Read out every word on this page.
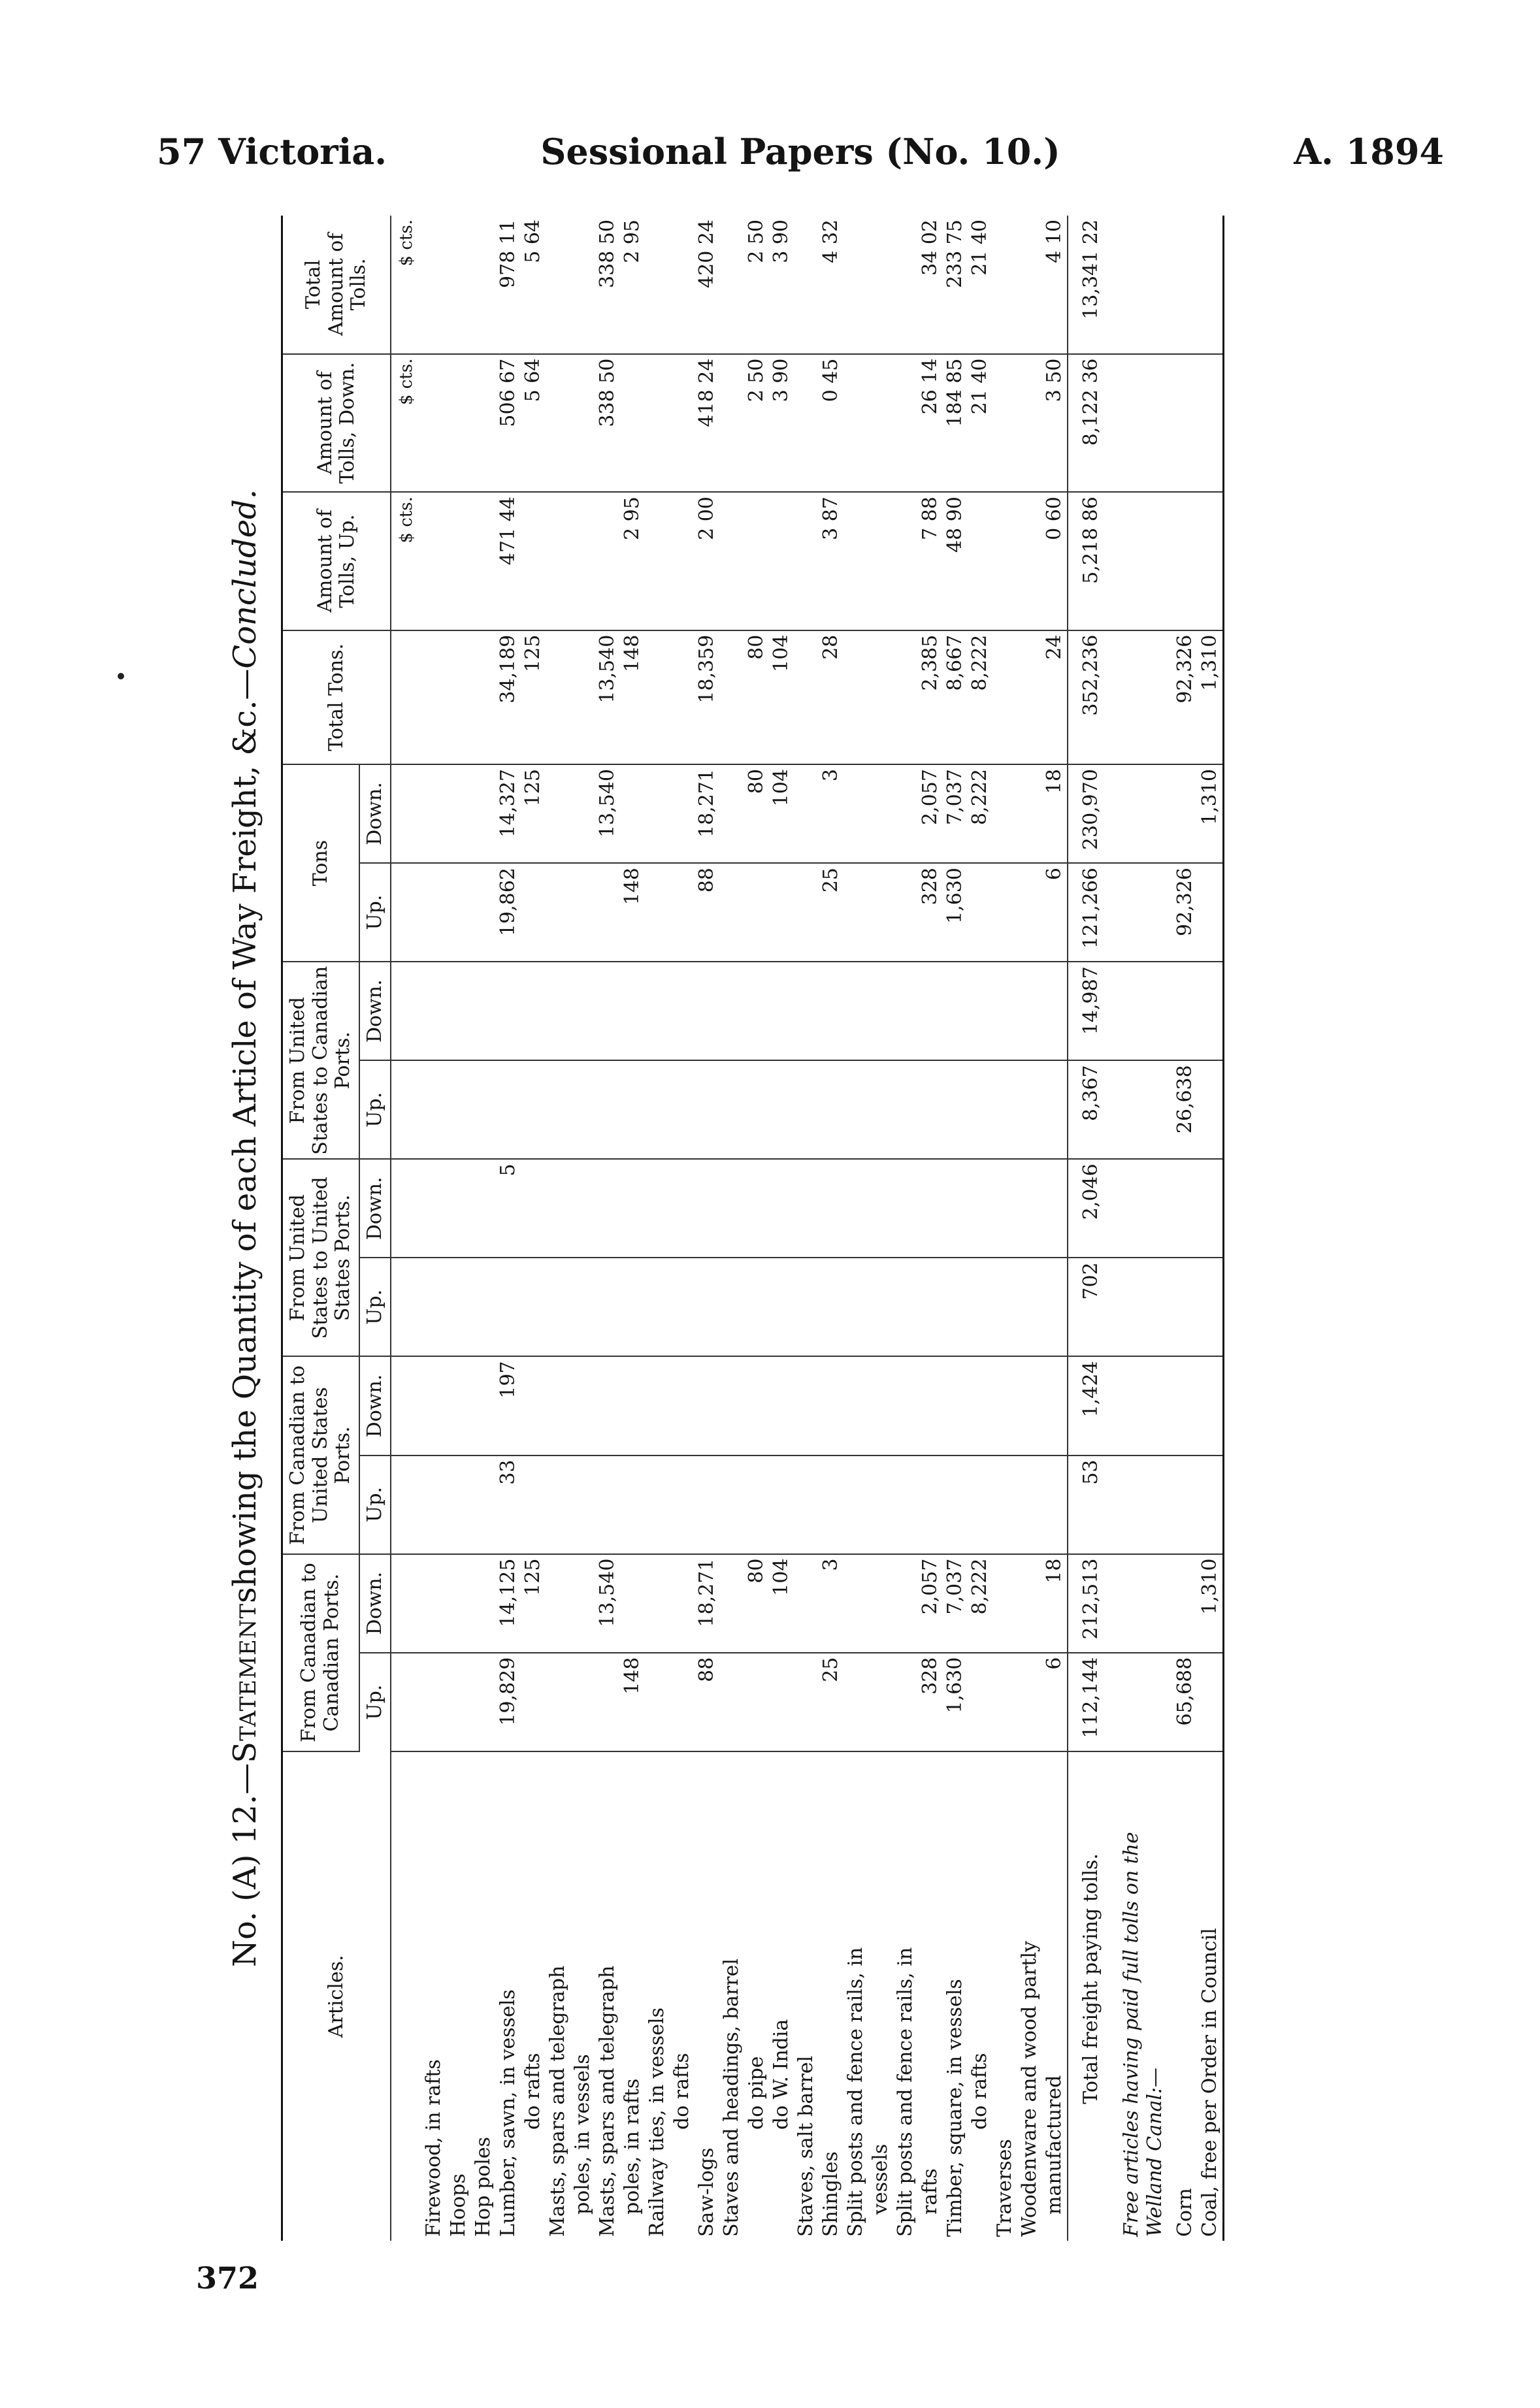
57 Victoria.	Sessional Papers (No. 10.)	A. 1894
No. (A) 12.—
Statement
showing the Quantity of each Article of Way Freight, &c.—
Concluded.
Articles.	From Canadian to Canadian Ports.		From Canadian to United States Ports.		From United States to United States Ports.		From United States to Canadian Ports.		Tons		Total Tons.	Amount of Tolls, Up.	Amount of Tolls, Down.	Total Amount of Tolls.
	Up.	Down.	Up.	Down.	Up.	Down.	Up.	Down.	Up.	Down.				
												$ cts.	$ cts.	$ cts.
Firewood, in rafts														
Hoops														
Hop poles														
Lumber, sawn, in vessels	19,829	14,125	33	197		5			19,862	14,327	34,189	471 44	506 67	978 11
do rafts		125								125	125		5 64	5 64
Masts, spars and telegraph														
poles, in vessels														
Masts, spars and telegraph		13,540								13,540	13,540		338 50	338 50
poles, in rafts	148								148		148	2 95		2 95
Railway ties, in vessels														
do rafts														
Saw-logs	88	18,271							88	18,271	18,359	2 00	418 24	420 24
Staves and headings, barrel														
do pipe		80								80	80		2 50	2 50
do W. India		104								104	104		3 90	3 90
Staves, salt barrel														
Shingles	25	3							25	3	28	3 87	0 45	4 32
Split posts and fence rails, in														
vessels														
Split posts and fence rails, in														
rafts	328	2,057							328	2,057	2,385	7 88	26 14	34 02
Timber, square, in vessels	1,630	7,037							1,630	7,037	8,667	48 90	184 85	233 75
do rafts		8,222								8,222	8,222		21 40	21 40
Traverses														
Woodenware and wood partly														
manufactured	6	18							6	18	24	0 60	3 50	4 10
Total freight paying tolls.	112,144	212,513	53	1,424	702	2,046	8,367	14,987	121,266	230,970	352,236	5,218 86	8,122 36	13,341 22
Free articles having paid full tolls on the Welland Canal:—														
Corn	65,688						26,638		92,326		92,326			
Coal, free per Order in Council		1,310								1,310	1,310			
372
